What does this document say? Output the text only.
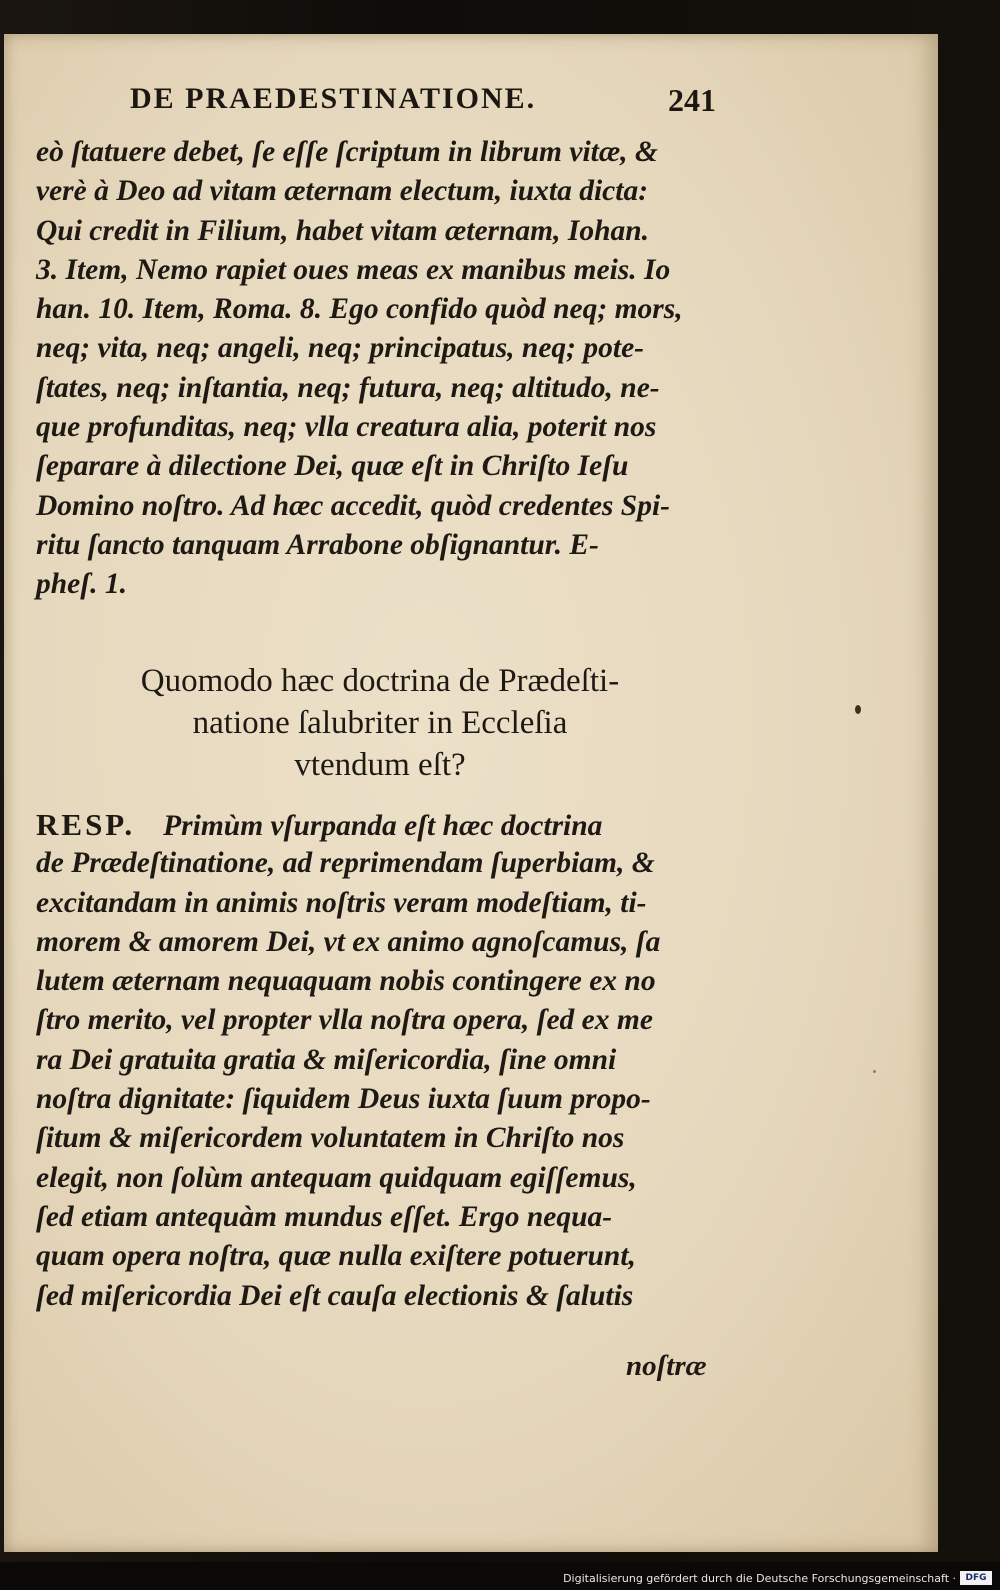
DE PRAEDESTINATIONE.	241
eò ſtatuere debet, ſe eſſe ſcriptum in librum vitæ, &
verè à Deo ad vitam æternam electum, iuxta dicta:
Qui credit in Filium, habet vitam æternam, Iohan.
3. Item, Nemo rapiet oues meas ex manibus meis. Io
han. 10. Item, Roma. 8. Ego confido quòd neq; mors,
neq; vita, neq; angeli, neq; principatus, neq; pote-
ſtates, neq; inſtantia, neq; futura, neq; altitudo, ne-
que profunditas, neq; vlla creatura alia, poterit nos
ſeparare à dilectione Dei, quæ eſt in Chriſto Ieſu
Domino noſtro. Ad hæc accedit, quòd credentes Spi-
ritu ſancto tanquam Arrabone obſignantur. E-
pheſ. 1.
Quomodo hæc doctrina de Prædeſti-
natione ſalubriter in Eccleſia
vtendum eſt?
RESP. Primùm vſurpanda eſt hæc doctrina
de Prædeſtinatione, ad reprimendam ſuperbiam, &
excitandam in animis noſtris veram modeſtiam, ti-
morem & amorem Dei, vt ex animo agnoſcamus, ſa
lutem æternam nequaquam nobis contingere ex no
ſtro merito, vel propter vlla noſtra opera, ſed ex me
ra Dei gratuita gratia & miſericordia, ſine omni
noſtra dignitate: ſiquidem Deus iuxta ſuum propo-
ſitum & miſericordem voluntatem in Chriſto nos
elegit, non ſolùm antequam quidquam egiſſemus,
ſed etiam antequàm mundus eſſet. Ergo nequa-
quam opera noſtra, quæ nulla exiſtere potuerunt,
ſed miſericordia Dei eſt cauſa electionis & ſalutis
noſtræ
Digitalisierung gefördert durch die Deutsche Forschungsgemeinschaft ·	DFG
